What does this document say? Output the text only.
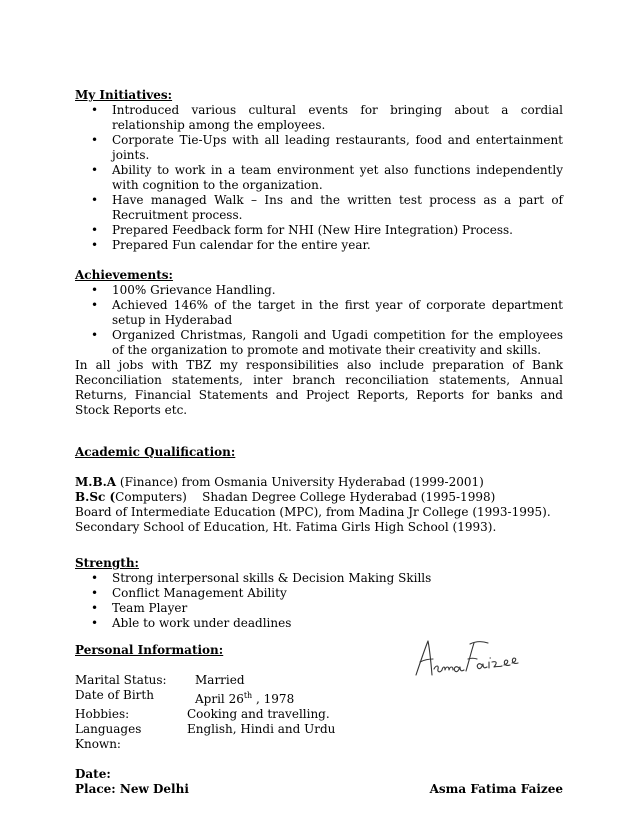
My Initiatives:

• Introduced various cultural events for bringing about a cordial relationship among the employees.
• Corporate Tie-Ups with all leading restaurants, food and entertainment joints.
• Ability to work in a team environment yet also functions independently with cognition to the organization.
• Have managed Walk – Ins and the written test process as a part of Recruitment process.
• Prepared Feedback form for NHI (New Hire Integration) Process.
• Prepared Fun calendar for the entire year.

Achievements:

• 100% Grievance Handling.
• Achieved 146% of the target in the first year of corporate department setup in Hyderabad
• Organized Christmas, Rangoli and Ugadi competition for the employees of the organization to promote and motivate their creativity and skills.

In all jobs with TBZ my responsibilities also include preparation of Bank Reconciliation statements, inter branch reconciliation statements, Annual Returns, Financial Statements and Project Reports, Reports for banks and Stock Reports etc.

Academic Qualification:

M.B.A (Finance) from Osmania University Hyderabad (1999-2001)

B.Sc (Computers)    Shadan Degree College Hyderabad (1995-1998)

Board of Intermediate Education (MPC), from Madina Jr College (1993-1995).

Secondary School of Education, Ht. Fatima Girls High School (1993).

Strength:

• Strong interpersonal skills & Decision Making Skills
• Conflict Management Ability
• Team Player
• Able to work under deadlines

Personal Information:

Marital Status:	Married
Date of Birth	April 26th , 1978
Hobbies:	Cooking and travelling.
Languages Known:
English, Hindi and Urdu

Date:

Place: New Delhi	Asma Fatima Faizee
